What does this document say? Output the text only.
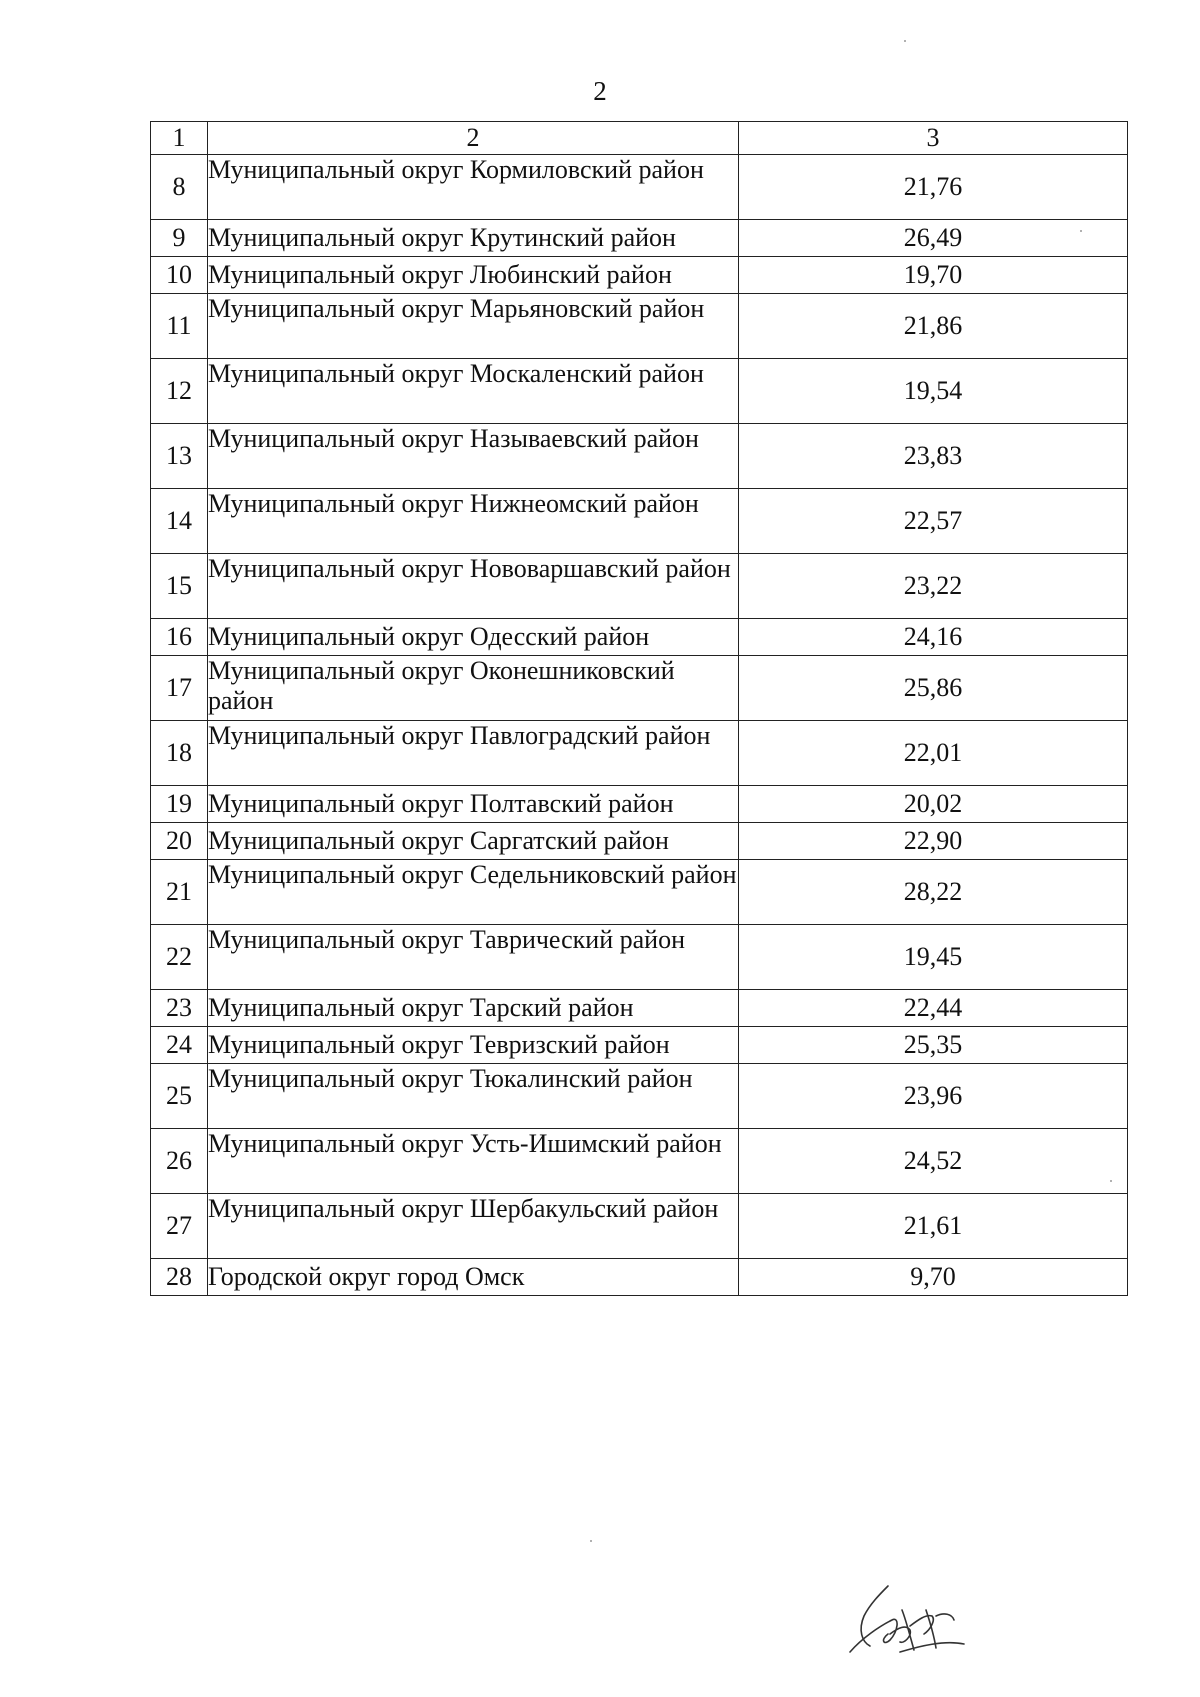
2
1	2	3
8	Муниципальный округ Кормиловский район	21,76
9	Муниципальный округ Крутинский район	26,49
10	Муниципальный округ Любинский район	19,70
11	Муниципальный округ Марьяновский район	21,86
12	Муниципальный округ Москаленский район	19,54
13	Муниципальный округ Называевский район	23,83
14	Муниципальный округ Нижнеомский район	22,57
15	Муниципальный округ Нововаршавский район	23,22
16	Муниципальный округ Одесский район	24,16
17	Муниципальный округ Оконешниковский район	25,86
18	Муниципальный округ Павлоградский район	22,01
19	Муниципальный округ Полтавский район	20,02
20	Муниципальный округ Саргатский район	22,90
21	Муниципальный округ Седельниковский район	28,22
22	Муниципальный округ Таврический район	19,45
23	Муниципальный округ Тарский район	22,44
24	Муниципальный округ Тевризский район	25,35
25	Муниципальный округ Тюкалинский район	23,96
26	Муниципальный округ Усть-Ишимский район	24,52
27	Муниципальный округ Шербакульский район	21,61
28	Городской округ город Омск	9,70
